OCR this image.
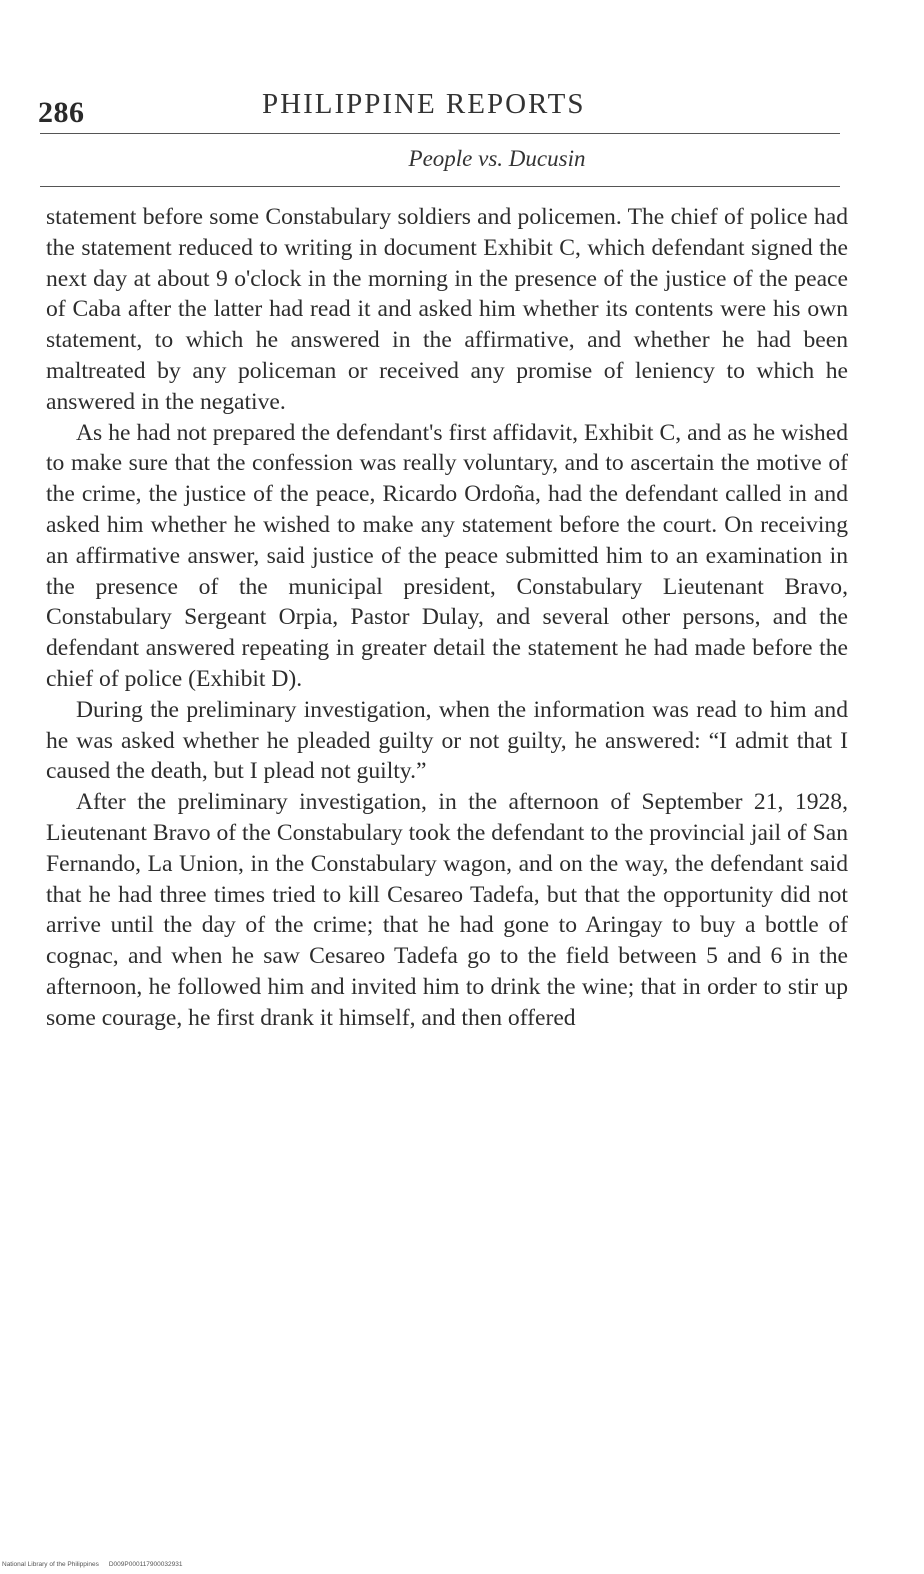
286	PHILIPPINE REPORTS
People vs. Ducusin

statement before some Constabulary soldiers and policemen. The chief of police had the statement reduced to writing in document Exhibit C, which defendant signed the next day at about 9 o'clock in the morning in the presence of the justice of the peace of Caba after the latter had read it and asked him whether its contents were his own statement, to which he answered in the affirmative, and whether he had been maltreated by any policeman or received any promise of leniency to which he answered in the negative.

As he had not prepared the defendant's first affidavit, Exhibit C, and as he wished to make sure that the confession was really voluntary, and to ascertain the motive of the crime, the justice of the peace, Ricardo Ordoña, had the defendant called in and asked him whether he wished to make any statement before the court. On receiving an affirmative answer, said justice of the peace submitted him to an examination in the presence of the municipal president, Constabulary Lieutenant Bravo, Constabulary Sergeant Orpia, Pastor Dulay, and several other persons, and the defendant answered repeating in greater detail the statement he had made before the chief of police (Exhibit D).

During the preliminary investigation, when the information was read to him and he was asked whether he pleaded guilty or not guilty, he answered: “I admit that I caused the death, but I plead not guilty.”

After the preliminary investigation, in the afternoon of September 21, 1928, Lieutenant Bravo of the Constabulary took the defendant to the provincial jail of San Fernando, La Union, in the Constabulary wagon, and on the way, the defendant said that he had three times tried to kill Cesareo Tadefa, but that the opportunity did not arrive until the day of the crime; that he had gone to Aringay to buy a bottle of cognac, and when he saw Cesareo Tadefa go to the field between 5 and 6 in the afternoon, he followed him and invited him to drink the wine; that in order to stir up some courage, he first drank it himself, and then offered

National Library of the Philippines D009P000117900032931
